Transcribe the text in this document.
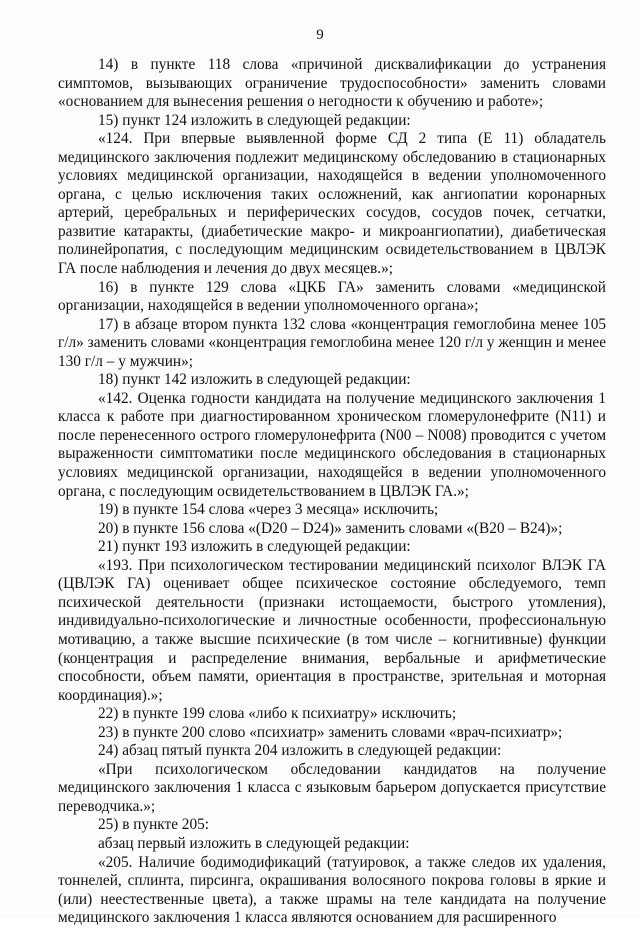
9

14) в пункте 118 слова «причиной дисквалификации до устранения симптомов, вызывающих ограничение трудоспособности» заменить словами «основанием для вынесения решения о негодности к обучению и работе»;

15) пункт 124 изложить в следующей редакции:

«124. При впервые выявленной форме СД 2 типа (E 11) обладатель медицинского заключения подлежит медицинскому обследованию в стационарных условиях медицинской организации, находящейся в ведении уполномоченного органа, с целью исключения таких осложнений, как ангиопатии коронарных артерий, церебральных и периферических сосудов, сосудов почек, сетчатки, развитие катаракты, (диабетические макро- и микроангиопатии), диабетическая полинейропатия, с последующим медицинским освидетельствованием в ЦВЛЭК ГА после наблюдения и лечения до двух месяцев.»;

16) в пункте 129 слова «ЦКБ ГА» заменить словами «медицинской организации, находящейся в ведении уполномоченного органа»;

17) в абзаце втором пункта 132 слова «концентрация гемоглобина менее 105 г/л» заменить словами «концентрация гемоглобина менее 120 г/л у женщин и менее 130 г/л – у мужчин»;

18) пункт 142 изложить в следующей редакции:

«142. Оценка годности кандидата на получение медицинского заключения 1 класса к работе при диагностированном хроническом гломерулонефрите (N11) и после перенесенного острого гломерулонефрита (N00 – N008) проводится с учетом выраженности симптоматики после медицинского обследования в стационарных условиях медицинской организации, находящейся в ведении уполномоченного органа, с последующим освидетельствованием в ЦВЛЭК ГА.»;

19) в пункте 154 слова «через 3 месяца» исключить;

20) в пункте 156 слова «(D20 – D24)» заменить словами «(B20 – B24)»;

21) пункт 193 изложить в следующей редакции:

«193. При психологическом тестировании медицинский психолог ВЛЭК ГА (ЦВЛЭК ГА) оценивает общее психическое состояние обследуемого, темп психической деятельности (признаки истощаемости, быстрого утомления), индивидуально-психологические и личностные особенности, профессиональную мотивацию, а также высшие психические (в том числе – когнитивные) функции (концентрация и распределение внимания, вербальные и арифметические способности, объем памяти, ориентация в пространстве, зрительная и моторная координация).»;

22) в пункте 199 слова «либо к психиатру» исключить;

23) в пункте 200 слово «психиатр» заменить словами «врач-психиатр»;

24) абзац пятый пункта 204 изложить в следующей редакции:

«При психологическом обследовании кандидатов на получение медицинского заключения 1 класса с языковым барьером допускается присутствие переводчика.»;

25) в пункте 205:

абзац первый изложить в следующей редакции:

«205. Наличие бодимодификаций (татуировок, а также следов их удаления, тоннелей, сплинта, пирсинга, окрашивания волосяного покрова головы в яркие и (или) неестественные цвета), а также шрамы на теле кандидата на получение медицинского заключения 1 класса являются основанием для расширенного
